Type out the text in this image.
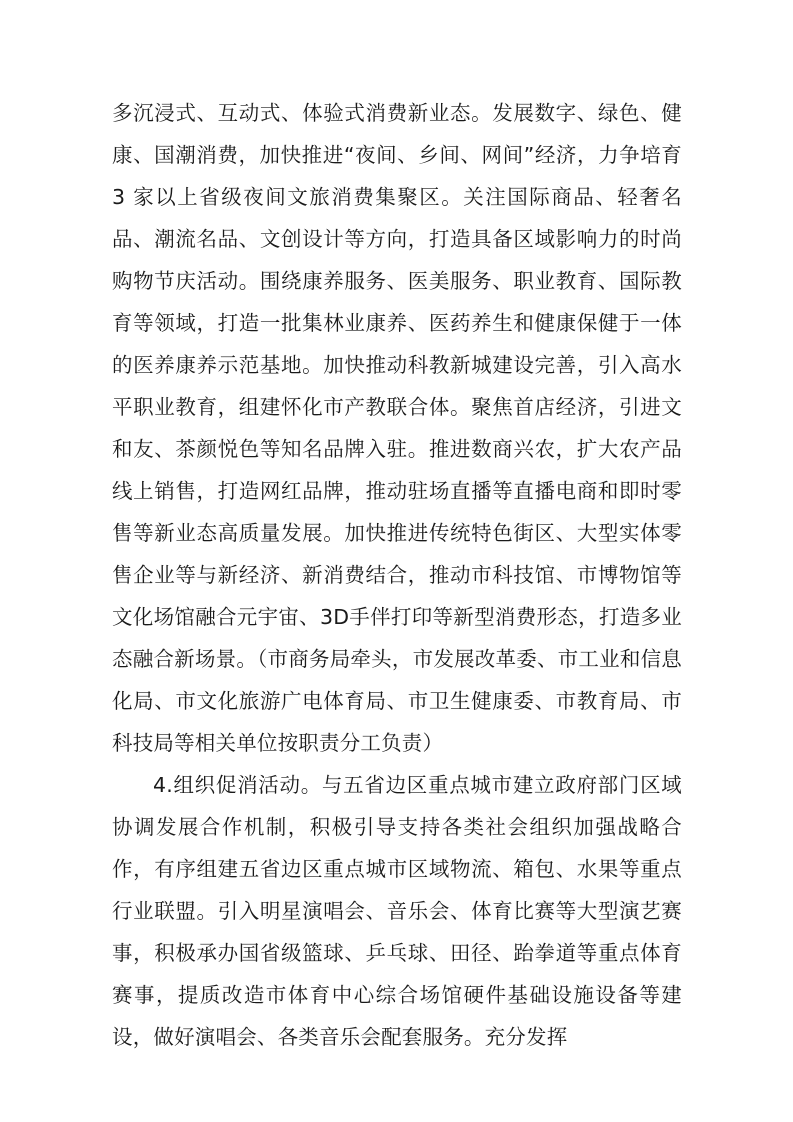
多沉浸式、互动式、体验式消费新业态。发展数字、绿色、健康、国潮消费，加快推进“夜间、乡间、网间”经济，力争培育 3 家以上省级夜间文旅消费集聚区。关注国际商品、轻奢名品、潮流名品、文创设计等方向，打造具备区域影响力的时尚购物节庆活动。围绕康养服务、医美服务、职业教育、国际教育等领域，打造一批集林业康养、医药养生和健康保健于一体的医养康养示范基地。加快推动科教新城建设完善，引入高水平职业教育，组建怀化市产教联合体。聚焦首店经济，引进文和友、茶颜悦色等知名品牌入驻。推进数商兴农，扩大农产品线上销售，打造网红品牌，推动驻场直播等直播电商和即时零售等新业态高质量发展。加快推进传统特色街区、大型实体零售企业等与新经济、新消费结合，推动市科技馆、市博物馆等文化场馆融合元宇宙、3D手伴打印等新型消费形态，打造多业态融合新场景。（市商务局牵头，市发展改革委、市工业和信息化局、市文化旅游广电体育局、市卫生健康委、市教育局、市科技局等相关单位按职责分工负责）

4.组织促消活动。与五省边区重点城市建立政府部门区域协调发展合作机制，积极引导支持各类社会组织加强战略合作，有序组建五省边区重点城市区域物流、箱包、水果等重点行业联盟。引入明星演唱会、音乐会、体育比赛等大型演艺赛事，积极承办国省级篮球、乒乓球、田径、跆拳道等重点体育赛事，提质改造市体育中心综合场馆硬件基础设施设备等建设，做好演唱会、各类音乐会配套服务。充分发挥
